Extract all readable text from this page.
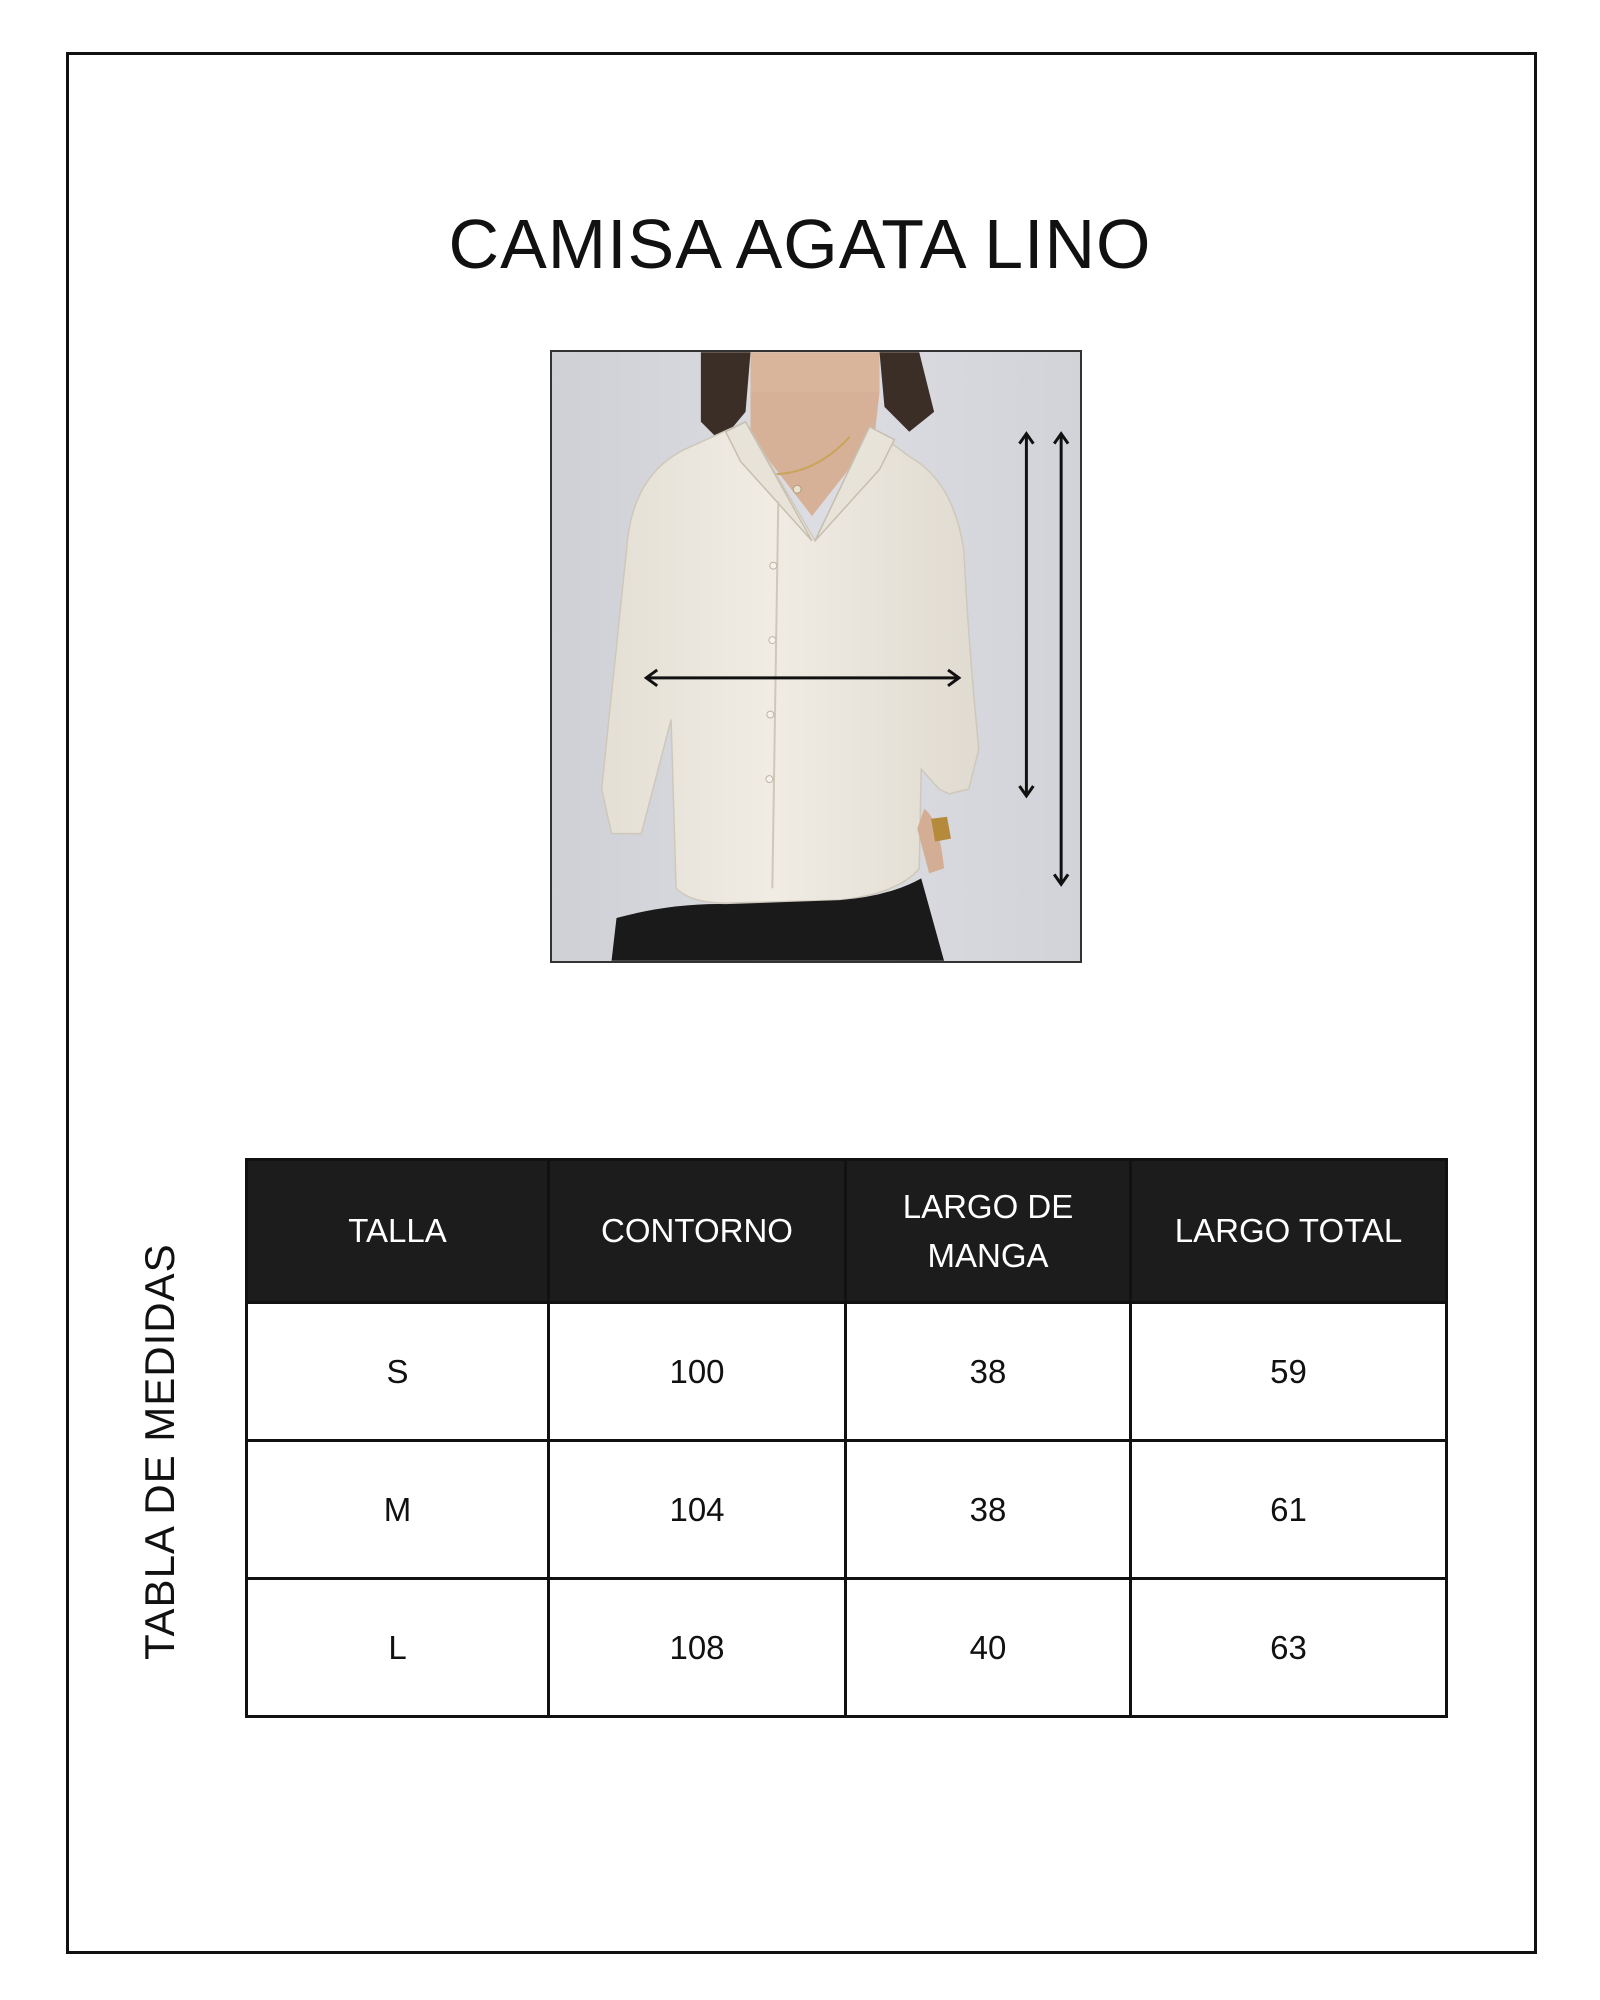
CAMISA AGATA LINO
TABLA DE MEDIDAS
TALLA	CONTORNO	LARGO DE MANGA	LARGO TOTAL
S	100	38	59
M	104	38	61
L	108	40	63
